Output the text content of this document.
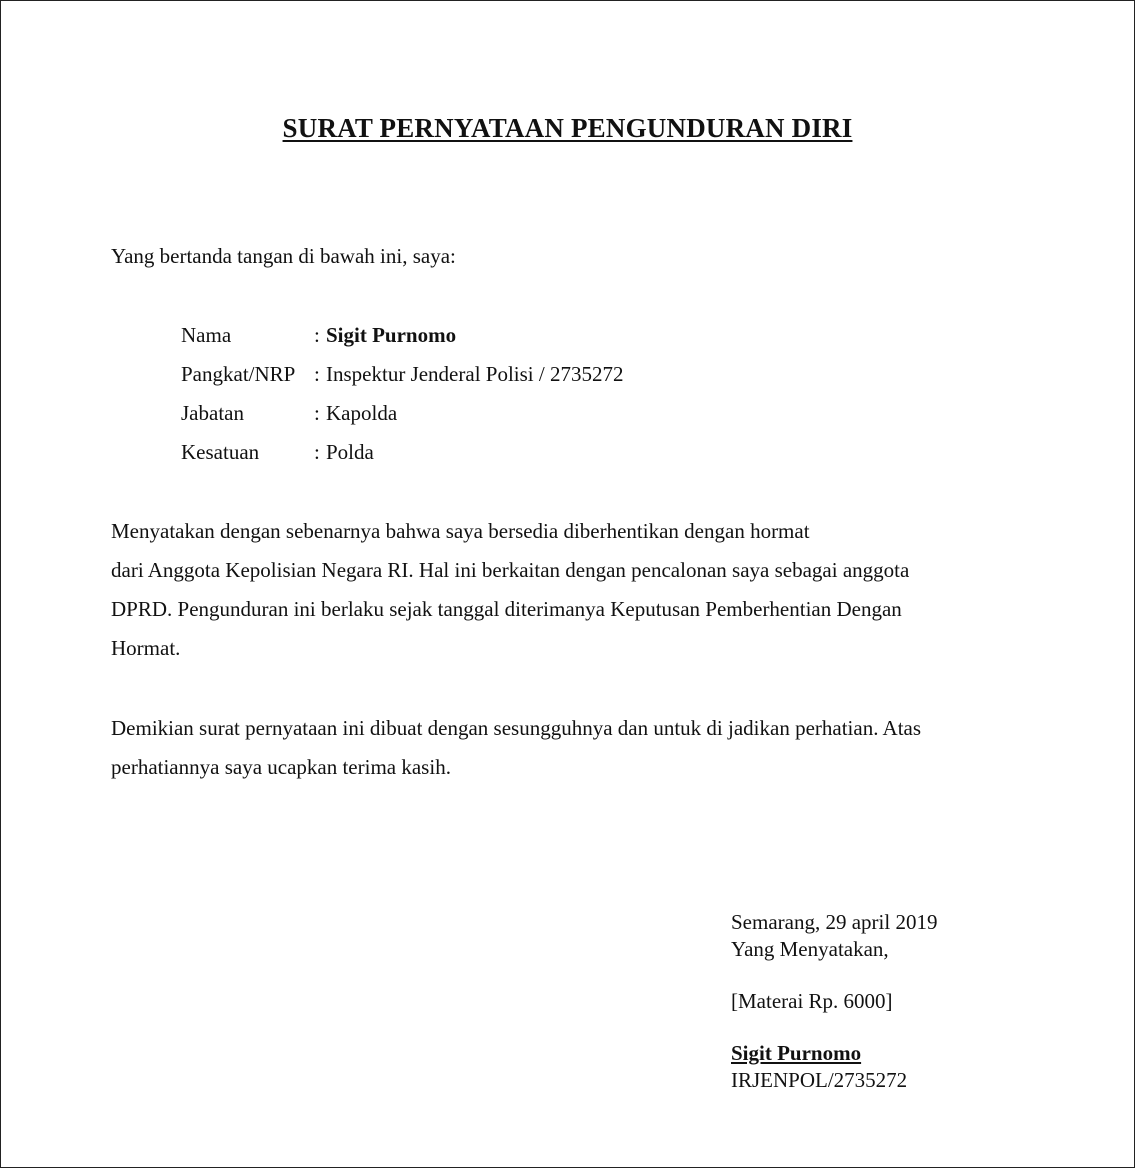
SURAT PERNYATAAN PENGUNDURAN DIRI
Yang bertanda tangan di bawah ini, saya:
Nama	: Sigit Purnomo
Pangkat/NRP : Inspektur Jenderal Polisi / 2735272
Jabatan	: Kapolda
Kesatuan	: Polda
Menyatakan dengan sebenarnya bahwa saya bersedia diberhentikan dengan hormat
dari Anggota Kepolisian Negara RI. Hal ini berkaitan dengan pencalonan saya sebagai anggota
DPRD. Pengunduran ini berlaku sejak tanggal diterimanya Keputusan Pemberhentian Dengan
Hormat.
Demikian surat pernyataan ini dibuat dengan sesungguhnya dan untuk di jadikan perhatian. Atas
perhatiannya saya ucapkan terima kasih.
Semarang, 29 april 2019
Yang Menyatakan,
[Materai Rp. 6000]
Sigit Purnomo
IRJENPOL/2735272
